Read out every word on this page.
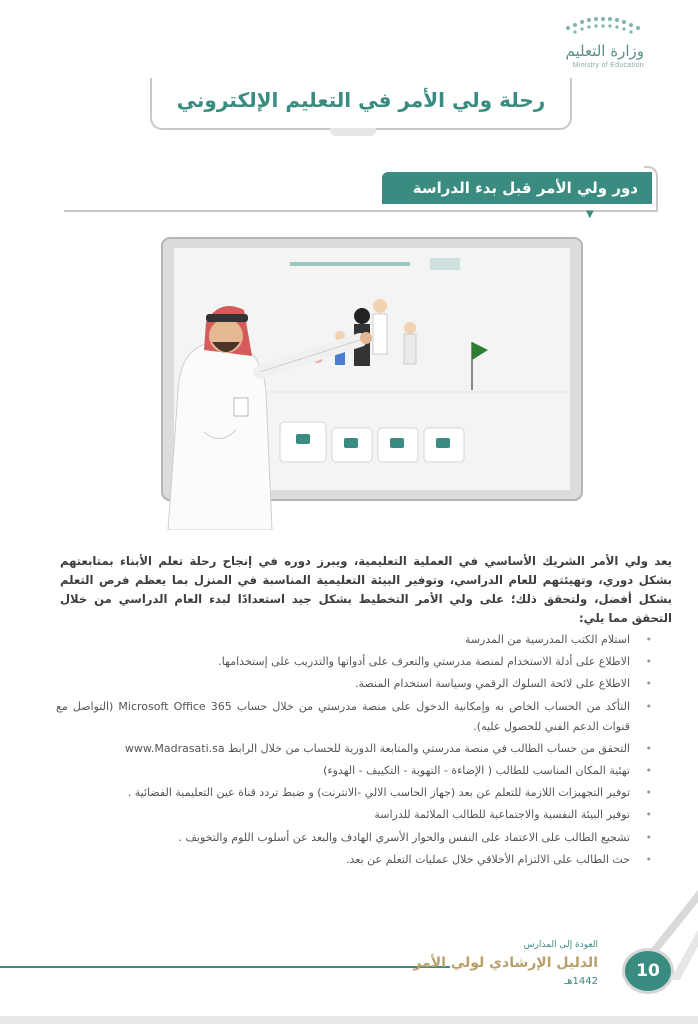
وزارة التعليم
Ministry of Education
رحلة ولي الأمر في التعليم الإلكتروني
دور ولي الأمر قبل بدء الدراسة
▼

يعد ولي الأمر الشريك الأساسي في العملية التعليمية، ويبرز دوره في إنجاح رحلة تعلم الأبناء بمتابعتهم بشكل دوري، وتهيئتهم للعام الدراسي، وتوفير البيئة التعليمية المناسبة في المنزل بما يعظم فرص التعلم بشكل أفضل، ولتحقق ذلك؛ على ولي الأمر التخطيط بشكل جيد استعدادًا لبدء العام الدراسي من خلال التحقق مما يلي:

• استلام الكتب المدرسية من المدرسة
• الاطلاع على أدلة الاستخدام لمنصة مدرستي والتعرف على أدواتها والتدريب على إستخدامها.
• الاطلاع على لائحة السلوك الرقمي وسياسة استخدام المنصة.
• التأكد من الحساب الخاص به وإمكانية الدخول على منصة مدرستي من خلال حساب Microsoft Office 365 (التواصل مع قنوات الدعم الفني للحصول عليه).
• التحقق من حساب الطالب في منصة مدرستي والمتابعة الدورية للحساب من خلال الرابط www.Madrasati.sa
• تهئية المكان المناسب للطالب ( الإضاءة - التهوية - التكييف - الهدوء)
• توفير التجهيزات اللازمة للتعلم عن بعد (جهاز الحاسب الالي -الانترنت) و ضبط تردد قناة عين التعليمية الفضائية .
• توفير البيئة النفسية والاجتماعية للطالب الملائمة للدراسة
• تشجيع الطالب على الاعتماد على النفس والحوار الأسري الهادف والبعد عن أسلوب اللوم والتخويف .
• حث الطالب على الالتزام الأخلاقي خلال عمليات التعلم عن بعد.
العودة إلى المدارس
الدليل الإرشادي لولي الأمر
1442هـ
10
